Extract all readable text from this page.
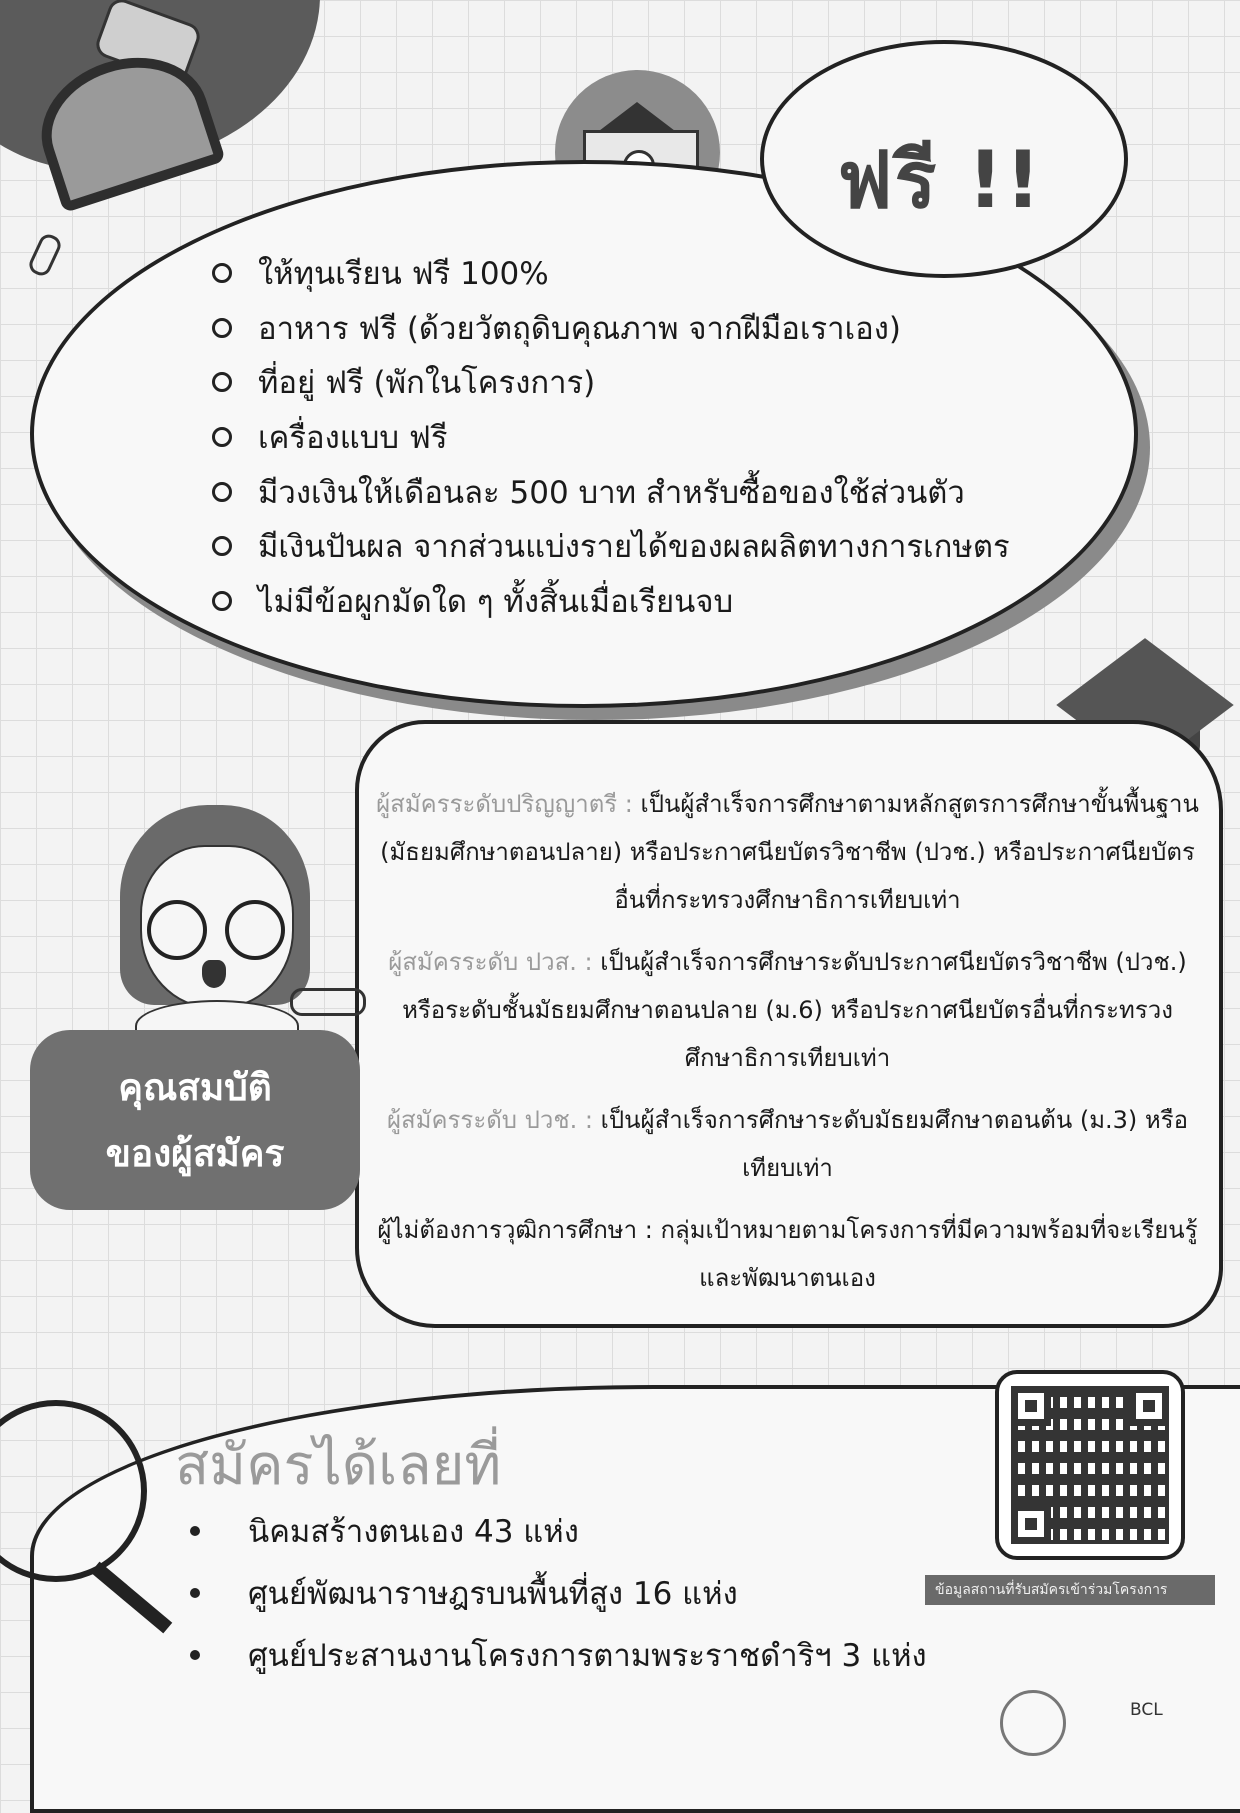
ฟรี !!
ให้ทุนเรียน ฟรี 100%
อาหาร ฟรี (ด้วยวัตถุดิบคุณภาพ จากฝีมือเราเอง)
ที่อยู่ ฟรี (พักในโครงการ)
เครื่องแบบ ฟรี
มีวงเงินให้เดือนละ 500 บาท สำหรับซื้อของใช้ส่วนตัว
มีเงินปันผล จากส่วนแบ่งรายได้ของผลผลิตทางการเกษตร
ไม่มีข้อผูกมัดใด ๆ ทั้งสิ้นเมื่อเรียนจบ

ผู้สมัครระดับปริญญาตรี : เป็นผู้สำเร็จการศึกษาตามหลักสูตรการศึกษาขั้นพื้นฐาน (มัธยมศึกษาตอนปลาย) หรือประกาศนียบัตรวิชาชีพ (ปวช.) หรือประกาศนียบัตรอื่นที่กระทรวงศึกษาธิการเทียบเท่า

ผู้สมัครระดับ ปวส. : เป็นผู้สำเร็จการศึกษาระดับประกาศนียบัตรวิชาชีพ (ปวช.) หรือระดับชั้นมัธยมศึกษาตอนปลาย (ม.6) หรือประกาศนียบัตรอื่นที่กระทรวงศึกษาธิการเทียบเท่า

ผู้สมัครระดับ ปวช. : เป็นผู้สำเร็จการศึกษาระดับมัธยมศึกษาตอนต้น (ม.3) หรือเทียบเท่า

ผู้ไม่ต้องการวุฒิการศึกษา : กลุ่มเป้าหมายตามโครงการที่มีความพร้อมที่จะเรียนรู้และพัฒนาตนเอง

คุณสมบัติ
ของผู้สมัคร
สมัครได้เลยที่
นิคมสร้างตนเอง 43 แห่ง
ศูนย์พัฒนาราษฎรบนพื้นที่สูง 16 แห่ง
ศูนย์ประสานงานโครงการตามพระราชดำริฯ 3 แห่ง
ข้อมูลสถานที่รับสมัครเข้าร่วมโครงการ
BCL
